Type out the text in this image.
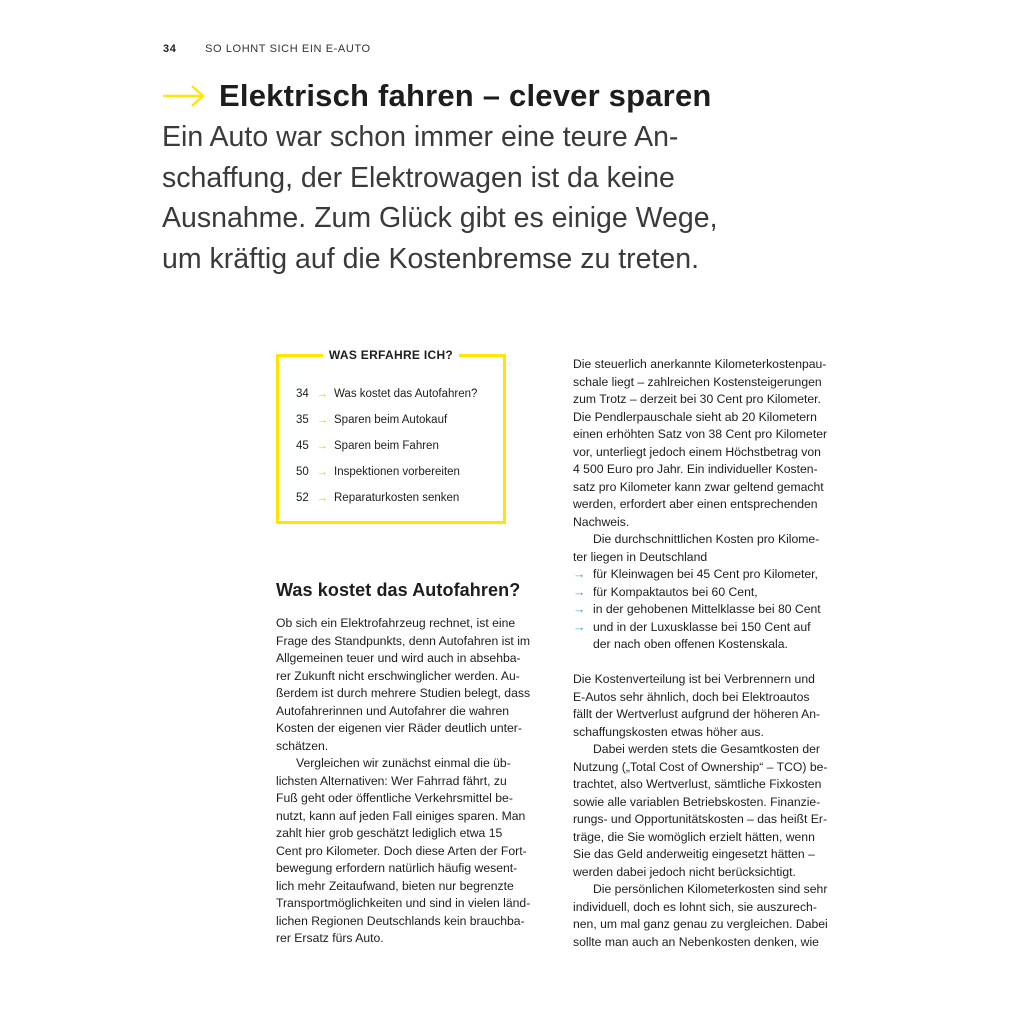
34	SO LOHNT SICH EIN E-AUTO
Elektrisch fahren – clever sparen
Ein Auto war schon immer eine teure An-
schaffung, der Elektrowagen ist da keine
Ausnahme. Zum Glück gibt es einige Wege,
um kräftig auf die Kostenbremse zu treten.
WAS ERFAHRE ICH?
34 → Was kostet das Autofahren?
35 → Sparen beim Autokauf
45 → Sparen beim Fahren
50 → Inspektionen vorbereiten
52 → Reparaturkosten senken
Was kostet das Autofahren?
Ob sich ein Elektrofahrzeug rechnet, ist eine
Frage des Standpunkts, denn Autofahren ist im
Allgemeinen teuer und wird auch in absehba-
rer Zukunft nicht erschwinglicher werden. Au-
ßerdem ist durch mehrere Studien belegt, dass
Autofahrerinnen und Autofahrer die wahren
Kosten der eigenen vier Räder deutlich unter-
schätzen.
Vergleichen wir zunächst einmal die üb-
lichsten Alternativen: Wer Fahrrad fährt, zu
Fuß geht oder öffentliche Verkehrsmittel be-
nutzt, kann auf jeden Fall einiges sparen. Man
zahlt hier grob geschätzt lediglich etwa 15
Cent pro Kilometer. Doch diese Arten der Fort-
bewegung erfordern natürlich häufig wesent-
lich mehr Zeitaufwand, bieten nur begrenzte
Transportmöglichkeiten und sind in vielen länd-
lichen Regionen Deutschlands kein brauchba-
rer Ersatz fürs Auto.
Die steuerlich anerkannte Kilometerkostenpau-
schale liegt – zahlreichen Kostensteigerungen
zum Trotz – derzeit bei 30 Cent pro Kilometer.
Die Pendlerpauschale sieht ab 20 Kilometern
einen erhöhten Satz von 38 Cent pro Kilometer
vor, unterliegt jedoch einem Höchstbetrag von
4 500 Euro pro Jahr. Ein individueller Kosten-
satz pro Kilometer kann zwar geltend gemacht
werden, erfordert aber einen entsprechenden
Nachweis.
Die durchschnittlichen Kosten pro Kilome-
ter liegen in Deutschland
→ für Kleinwagen bei 45 Cent pro Kilometer,
→ für Kompaktautos bei 60 Cent,
→ in der gehobenen Mittelklasse bei 80 Cent
→ und in der Luxusklasse bei 150 Cent auf
der nach oben offenen Kostenskala.
Die Kostenverteilung ist bei Verbrennern und
E-Autos sehr ähnlich, doch bei Elektroautos
fällt der Wertverlust aufgrund der höheren An-
schaffungskosten etwas höher aus.
Dabei werden stets die Gesamtkosten der
Nutzung („Total Cost of Ownership“ – TCO) be-
trachtet, also Wertverlust, sämtliche Fixkosten
sowie alle variablen Betriebskosten. Finanzie-
rungs- und Opportunitätskosten – das heißt Er-
träge, die Sie womöglich erzielt hätten, wenn
Sie das Geld anderweitig eingesetzt hätten –
werden dabei jedoch nicht berücksichtigt.
Die persönlichen Kilometerkosten sind sehr
individuell, doch es lohnt sich, sie auszurech-
nen, um mal ganz genau zu vergleichen. Dabei
sollte man auch an Nebenkosten denken, wie
